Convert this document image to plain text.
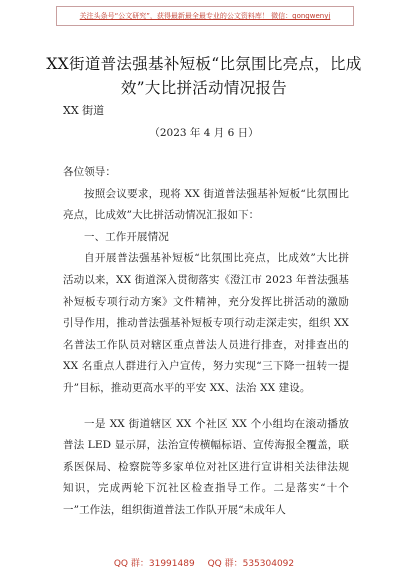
关注头条号“公文研究”，获得最新最全最专业的公文资料库！ 微信：gongwenyj
XX街道普法强基补短板“比氛围比亮点，比成效”大比拼活动情况报告
XX 街道
（2023 年 4 月 6 日）

各位领导：

按照会议要求，现将 XX 街道普法强基补短板“比氛围比亮点，比成效”大比拼活动情况汇报如下：

一、工作开展情况

自开展普法强基补短板“比氛围比亮点，比成效”大比拼活动以来，XX 街道深入贯彻落实《澄江市 2023 年普法强基补短板专项行动方案》文件精神，充分发挥比拼活动的激励引导作用，推动普法强基补短板专项行动走深走实，组织 XX 名普法工作队员对辖区重点普法人员进行排查，对排查出的 XX 名重点人群进行入户宣传，努力实现“三下降一扭转一提升”目标，推动更高水平的平安 XX、法治 XX 建设。

一是 XX 街道辖区 XX 个社区 XX 个小组均在滚动播放普法 LED 显示屏，法治宣传横幅标语、宣传海报全覆盖，联系医保局、检察院等多家单位对社区进行宣讲相关法律法规知识，完成两轮下沉社区检查指导工作。二是落实“十个一”工作法，组织街道普法工作队开展“未成年人

QQ 群：31991489 QQ 群：535304092
